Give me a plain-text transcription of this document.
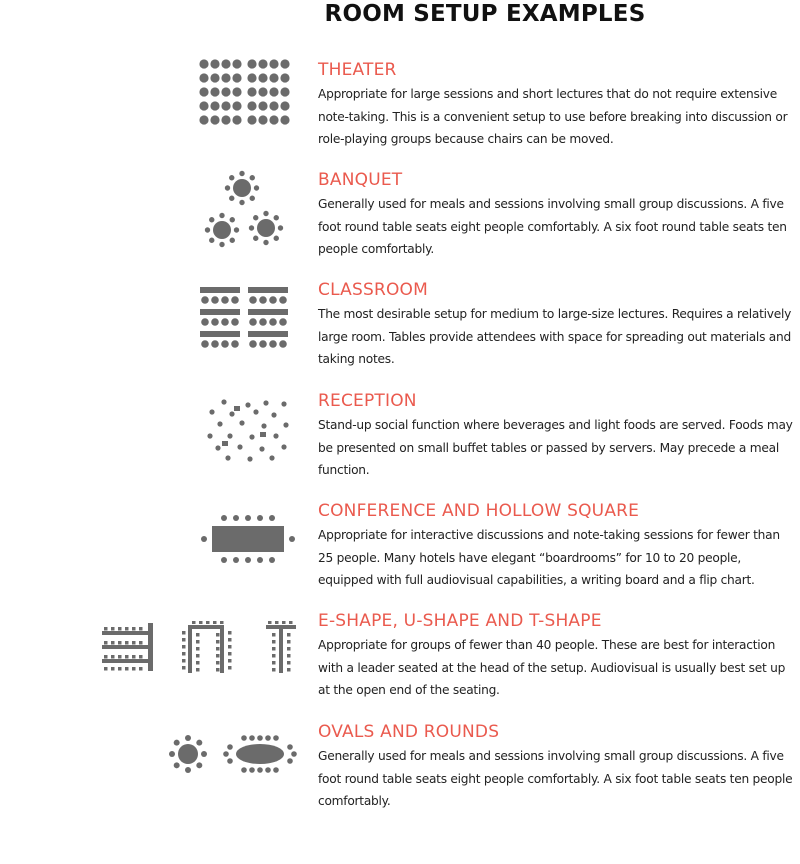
ROOM SETUP EXAMPLES
THEATER

Appropriate for large sessions and short lectures that do not require extensive note-taking. This is a convenient setup to use before breaking into discussion or role-playing groups because chairs can be moved.

BANQUET

Generally used for meals and sessions involving small group discussions. A five foot round table seats eight people comfortably. A six foot round table seats ten people comfortably.

CLASSROOM

The most desirable setup for medium to large-size lectures. Requires a relatively large room. Tables provide attendees with space for spreading out materials and taking notes.

RECEPTION

Stand-up social function where beverages and light foods are served. Foods may be presented on small buffet tables or passed by servers. May precede a meal function.

CONFERENCE AND HOLLOW SQUARE

Appropriate for interactive discussions and note-taking sessions for fewer than 25 people. Many hotels have elegant “boardrooms” for 10 to 20 people, equipped with full audiovisual capabilities, a writing board and a flip chart.

E-SHAPE, U-SHAPE AND T-SHAPE

Appropriate for groups of fewer than 40 people. These are best for interaction with a leader seated at the head of the setup. Audiovisual is usually best set up at the open end of the seating.

OVALS AND ROUNDS

Generally used for meals and sessions involving small group discussions. A five foot round table seats eight people comfortably. A six foot table seats ten people comfortably.
